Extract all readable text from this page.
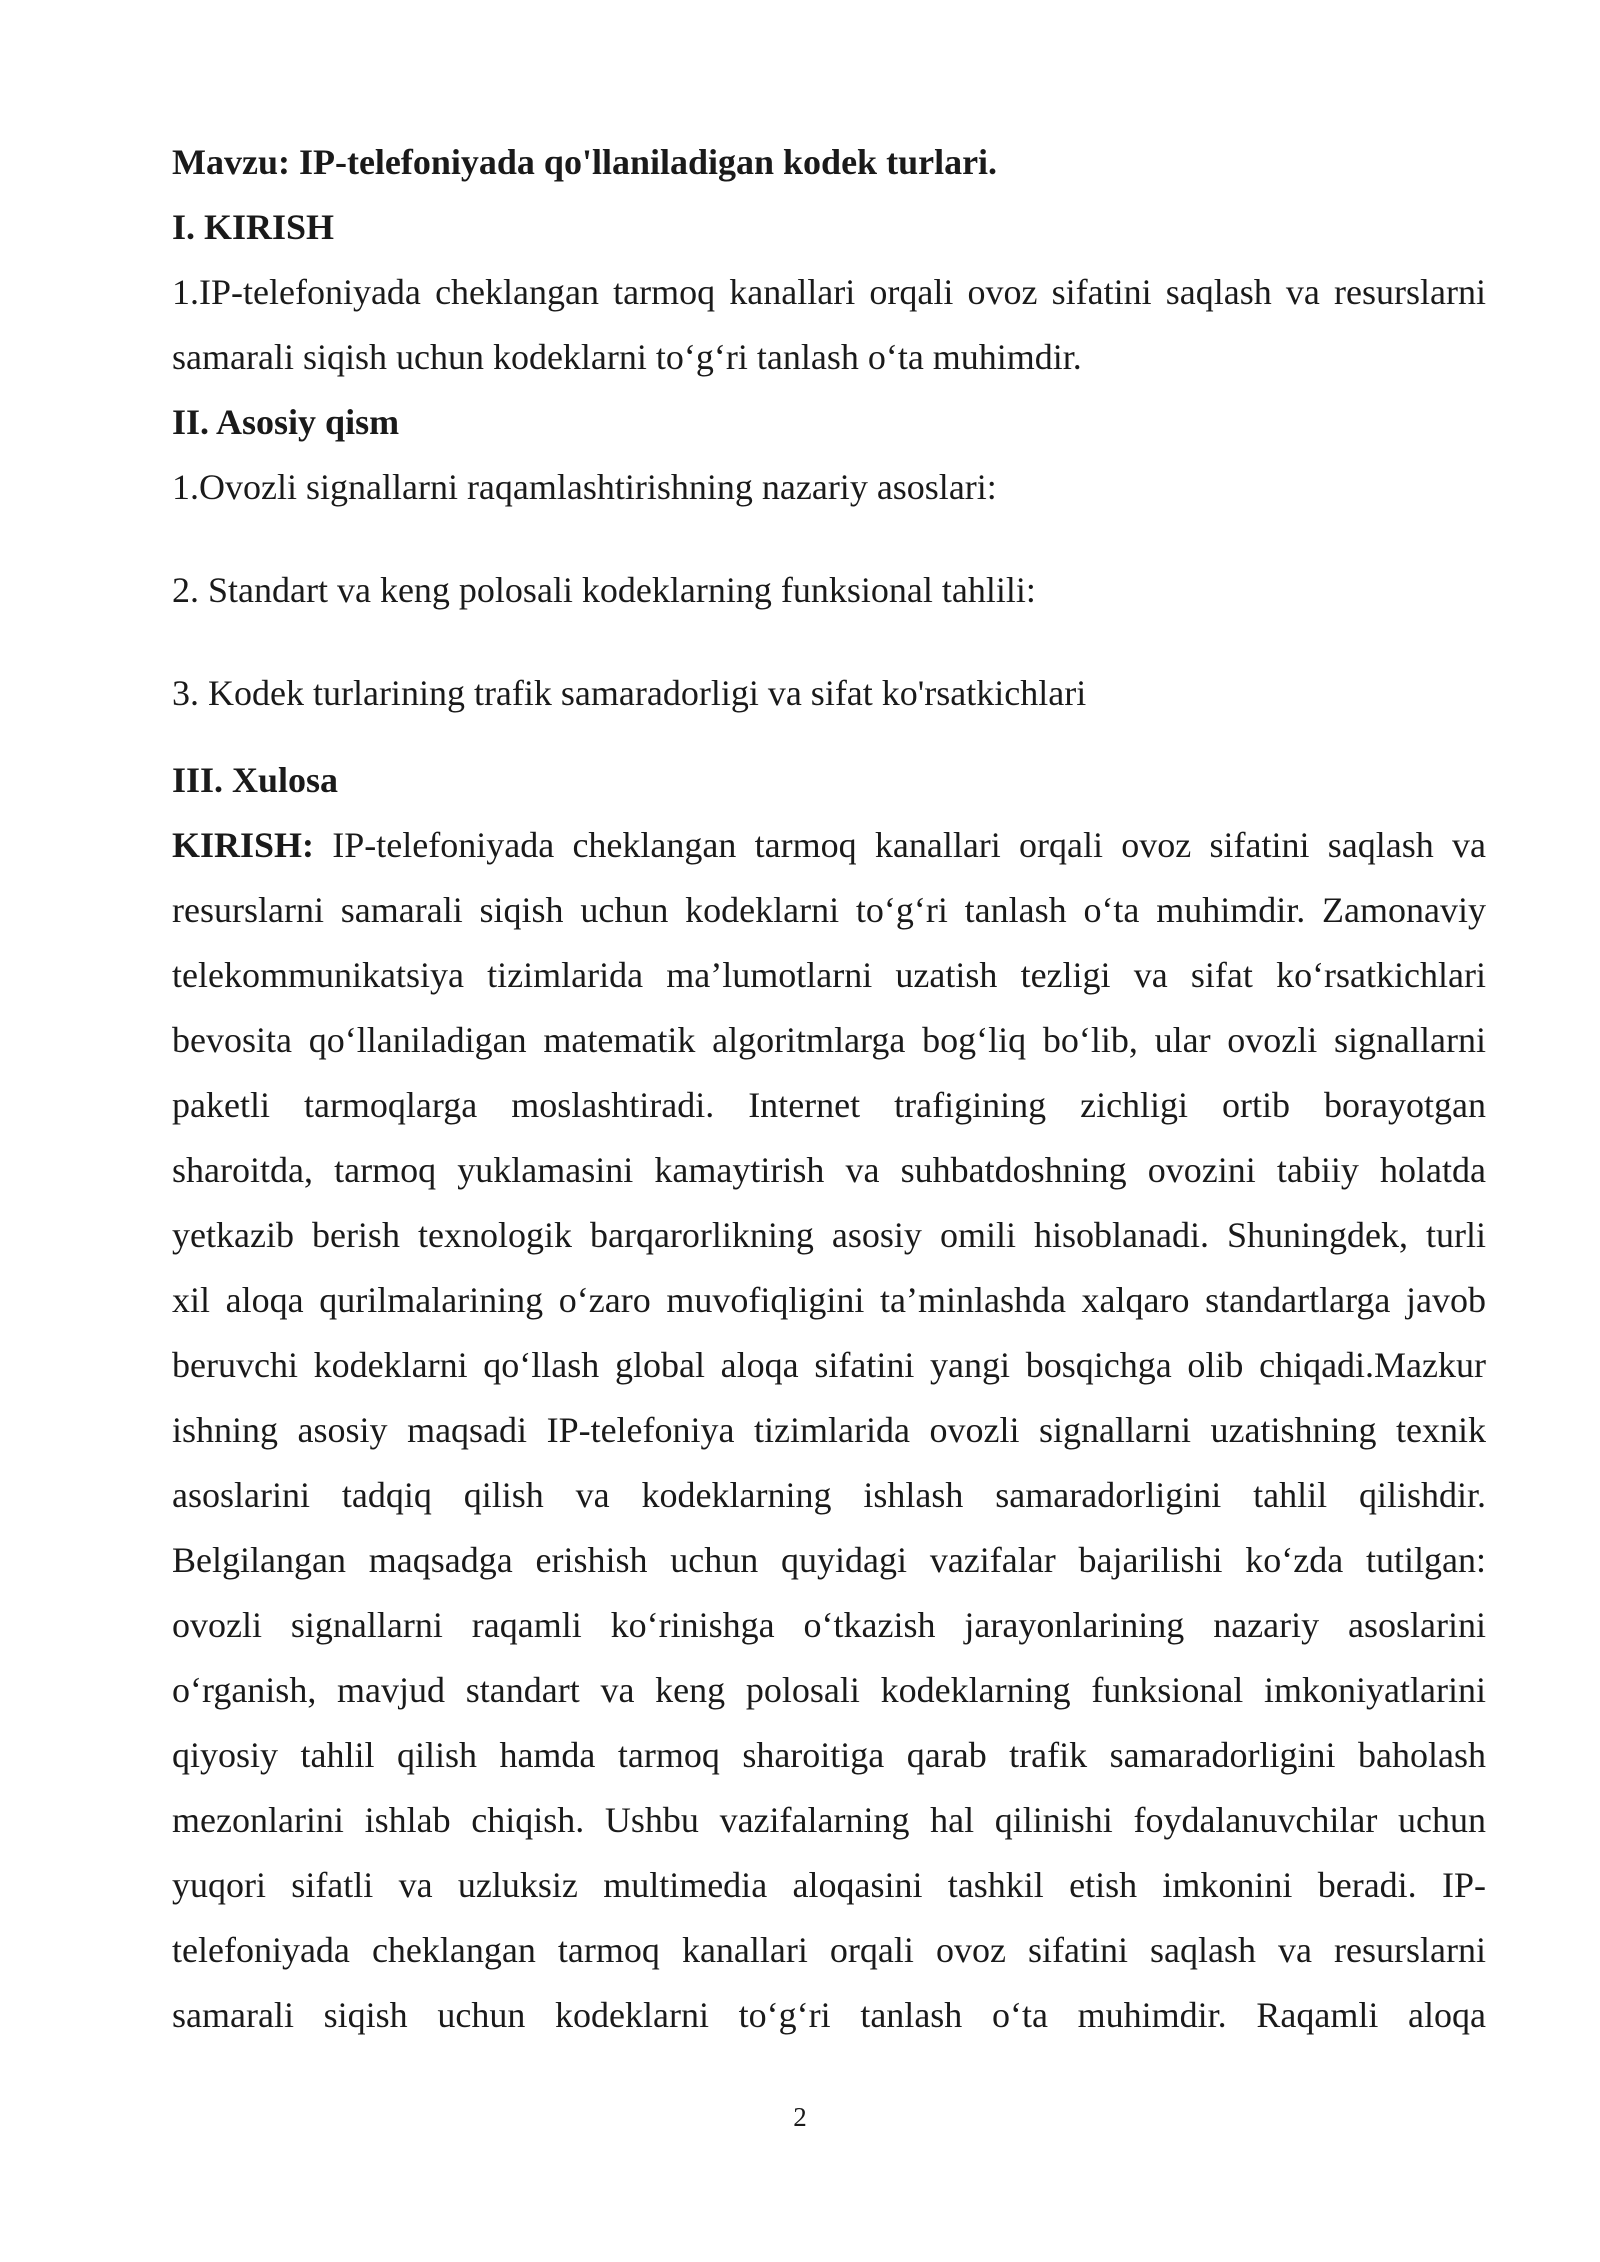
Mavzu: IP-telefoniyada qo'llaniladigan kodek turlari.

I. KIRISH

1.IP-telefoniyada cheklangan tarmoq kanallari orqali ovoz sifatini saqlash va resurslarni

samarali siqish uchun kodeklarni to‘g‘ri tanlash o‘ta muhimdir.

II. Asosiy qism

1.Ovozli signallarni raqamlashtirishning nazariy asoslari:

2. Standart va keng polosali kodeklarning funksional tahlili:

3. Kodek turlarining trafik samaradorligi va sifat ko'rsatkichlari

III. Xulosa

KIRISH: IP-telefoniyada cheklangan tarmoq kanallari orqali ovoz sifatini saqlash va

resurslarni samarali siqish uchun kodeklarni to‘g‘ri tanlash o‘ta muhimdir. Zamonaviy

telekommunikatsiya tizimlarida ma’lumotlarni uzatish tezligi va sifat ko‘rsatkichlari

bevosita qo‘llaniladigan matematik algoritmlarga bog‘liq bo‘lib, ular ovozli signallarni

paketli tarmoqlarga moslashtiradi. Internet trafigining zichligi ortib borayotgan

sharoitda, tarmoq yuklamasini kamaytirish va suhbatdoshning ovozini tabiiy holatda

yetkazib berish texnologik barqarorlikning asosiy omili hisoblanadi. Shuningdek, turli

xil aloqa qurilmalarining o‘zaro muvofiqligini ta’minlashda xalqaro standartlarga javob

beruvchi kodeklarni qo‘llash global aloqa sifatini yangi bosqichga olib chiqadi.Mazkur

ishning asosiy maqsadi IP-telefoniya tizimlarida ovozli signallarni uzatishning texnik

asoslarini tadqiq qilish va kodeklarning ishlash samaradorligini tahlil qilishdir.

Belgilangan maqsadga erishish uchun quyidagi vazifalar bajarilishi ko‘zda tutilgan:

ovozli signallarni raqamli ko‘rinishga o‘tkazish jarayonlarining nazariy asoslarini

o‘rganish, mavjud standart va keng polosali kodeklarning funksional imkoniyatlarini

qiyosiy tahlil qilish hamda tarmoq sharoitiga qarab trafik samaradorligini baholash

mezonlarini ishlab chiqish. Ushbu vazifalarning hal qilinishi foydalanuvchilar uchun

yuqori sifatli va uzluksiz multimedia aloqasini tashkil etish imkonini beradi. IP-

telefoniyada cheklangan tarmoq kanallari orqali ovoz sifatini saqlash va resurslarni

samarali siqish uchun kodeklarni to‘g‘ri tanlash o‘ta muhimdir. Raqamli aloqa

2
